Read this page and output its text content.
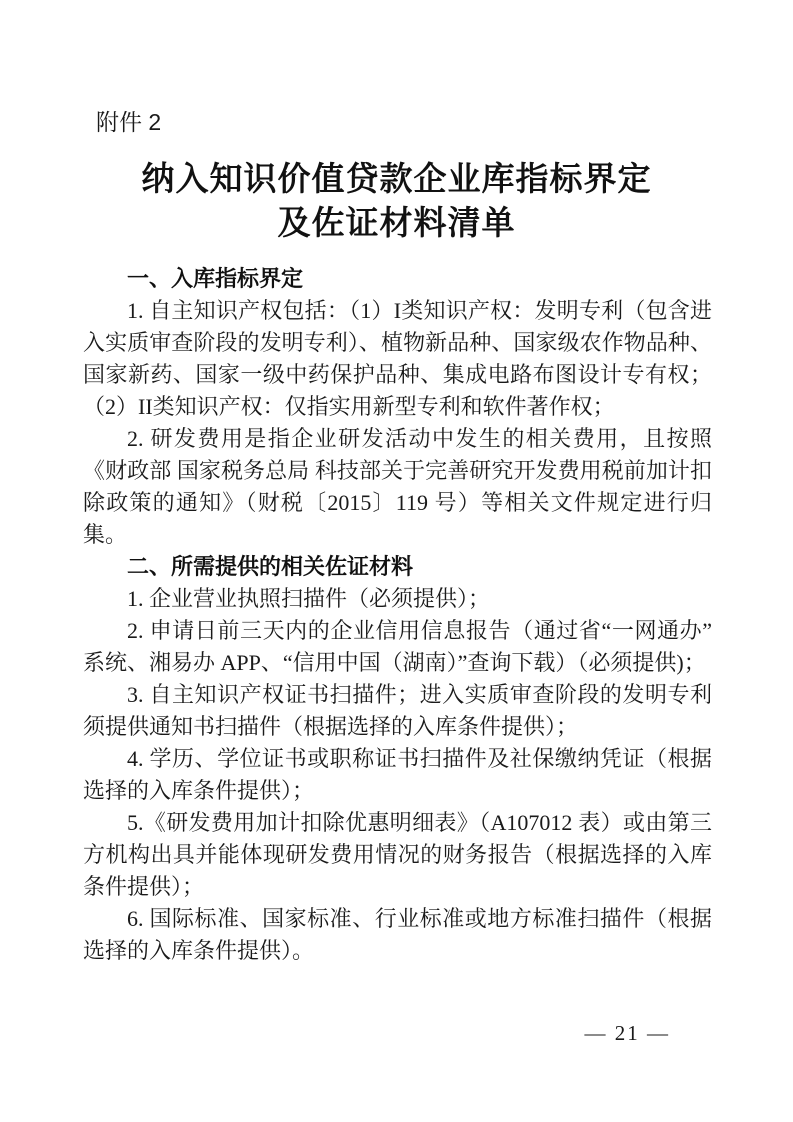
附件 2
纳入知识价值贷款企业库指标界定
及佐证材料清单
一、入库指标界定

1. 自主知识产权包括：（1）I类知识产权：发明专利（包含进入实质审查阶段的发明专利）、植物新品种、国家级农作物品种、国家新药、国家一级中药保护品种、集成电路布图设计专有权；（2）II类知识产权：仅指实用新型专利和软件著作权；

2. 研发费用是指企业研发活动中发生的相关费用，且按照《财政部 国家税务总局 科技部关于完善研究开发费用税前加计扣除政策的通知》（财税〔2015〕119 号）等相关文件规定进行归集。

二、所需提供的相关佐证材料

1. 企业营业执照扫描件（必须提供）；

2. 申请日前三天内的企业信用信息报告（通过省“一网通办”系统、湘易办 APP、“信用中国（湖南）”查询下载）（必须提供)；

3. 自主知识产权证书扫描件；进入实质审查阶段的发明专利须提供通知书扫描件（根据选择的入库条件提供）；

4. 学历、学位证书或职称证书扫描件及社保缴纳凭证（根据选择的入库条件提供）；

5.《研发费用加计扣除优惠明细表》（A107012 表）或由第三方机构出具并能体现研发费用情况的财务报告（根据选择的入库条件提供）；

6. 国际标准、国家标准、行业标准或地方标准扫描件（根据选择的入库条件提供）。

— 21 —
